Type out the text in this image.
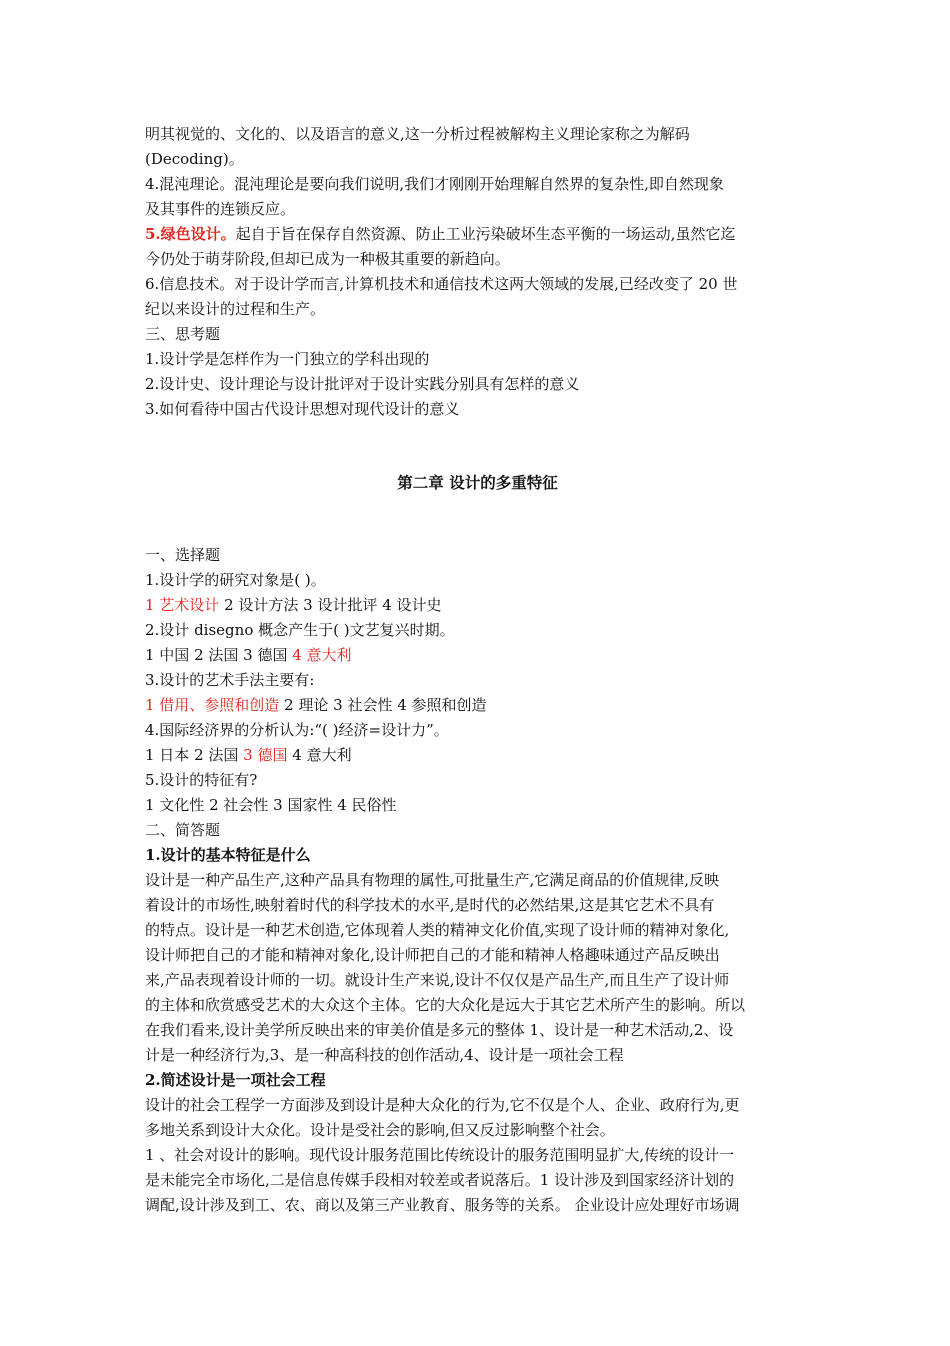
明其视觉的、文化的、以及语言的意义,这一分析过程被解构主义理论家称之为解码
(Decoding)。
4.混沌理论。混沌理论是要向我们说明,我们才刚刚开始理解自然界的复杂性,即自然现象
及其事件的连锁反应。
5.绿色设计。起自于旨在保存自然资源、防止工业污染破坏生态平衡的一场运动,虽然它迄
今仍处于萌芽阶段,但却已成为一种极其重要的新趋向。
6.信息技术。对于设计学而言,计算机技术和通信技术这两大领域的发展,已经改变了 20 世
纪以来设计的过程和生产。
三、思考题
1.设计学是怎样作为一门独立的学科出现的
2.设计史、设计理论与设计批评对于设计实践分别具有怎样的意义
3.如何看待中国古代设计思想对现代设计的意义
第二章 设计的多重特征
一、选择题
1.设计学的研究对象是( )。
1 艺术设计 2 设计方法 3 设计批评 4 设计史
2.设计 disegno 概念产生于( )文艺复兴时期。
1 中国 2 法国 3 德国 4 意大利
3.设计的艺术手法主要有:
1 借用、参照和创造 2 理论 3 社会性 4 参照和创造
4.国际经济界的分析认为:“( )经济=设计力”。
1 日本 2 法国 3 德国 4 意大利
5.设计的特征有?
1 文化性 2 社会性 3 国家性 4 民俗性
二、简答题
1.设计的基本特征是什么
设计是一种产品生产,这种产品具有物理的属性,可批量生产,它满足商品的价值规律,反映
着设计的市场性,映射着时代的科学技术的水平,是时代的必然结果,这是其它艺术不具有
的特点。设计是一种艺术创造,它体现着人类的精神文化价值,实现了设计师的精神对象化,
设计师把自己的才能和精神对象化,设计师把自己的才能和精神人格趣味通过产品反映出
来,产品表现着设计师的一切。就设计生产来说,设计不仅仅是产品生产,而且生产了设计师
的主体和欣赏感受艺术的大众这个主体。它的大众化是远大于其它艺术所产生的影响。所以
在我们看来,设计美学所反映出来的审美价值是多元的整体 1、设计是一种艺术活动,2、设
计是一种经济行为,3、是一种高科技的创作活动,4、设计是一项社会工程
2.简述设计是一项社会工程
设计的社会工程学一方面涉及到设计是种大众化的行为,它不仅是个人、企业、政府行为,更
多地关系到设计大众化。设计是受社会的影响,但又反过影响整个社会。
1 、社会对设计的影响。现代设计服务范围比传统设计的服务范围明显扩大,传统的设计一
是未能完全市场化,二是信息传媒手段相对较差或者说落后。1 设计涉及到国家经济计划的
调配,设计涉及到工、农、商以及第三产业教育、服务等的关系。 企业设计应处理好市场调
